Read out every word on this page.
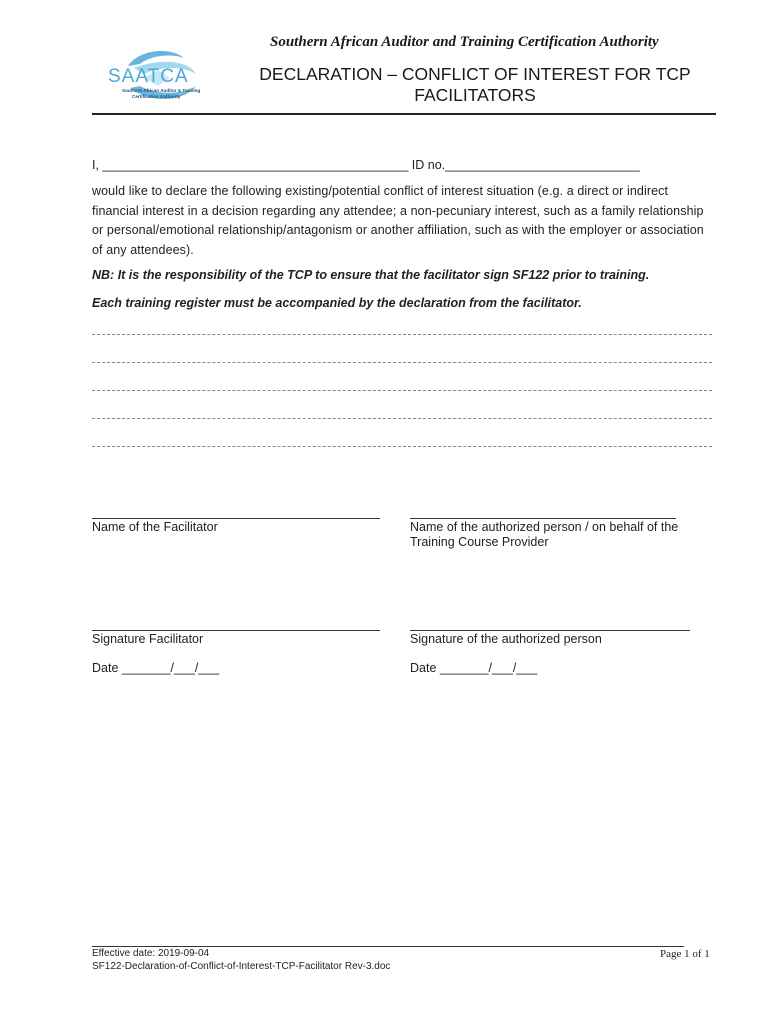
Southern African Auditor and Training Certification Authority
SAATCA
Southern African Auditor & Training
Certification Authority
DECLARATION – CONFLICT OF INTEREST FOR TCP
FACILITATORS
I, ____________________________________________ ID no.____________________________
would like to declare the following existing/potential conflict of interest situation (e.g. a direct or indirect financial interest in a decision regarding any attendee; a non-pecuniary interest, such as a family relationship or personal/emotional relationship/antagonism or another affiliation, such as with the employer or association of any attendees).
NB: It is the responsibility of the TCP to ensure that the facilitator sign SF122 prior to training.
Each training register must be accompanied by the declaration from the facilitator.
Name of the Facilitator	Name of the authorized person / on behalf of the
Training Course Provider
Signature Facilitator	Signature of the authorized person
Date _______/___/___	Date _______/___/___
Effective date: 2019-09-04
SF122-Declaration-of-Conflict-of-Interest-TCP-Facilitator Rev-3.doc
Page 1 of 1
